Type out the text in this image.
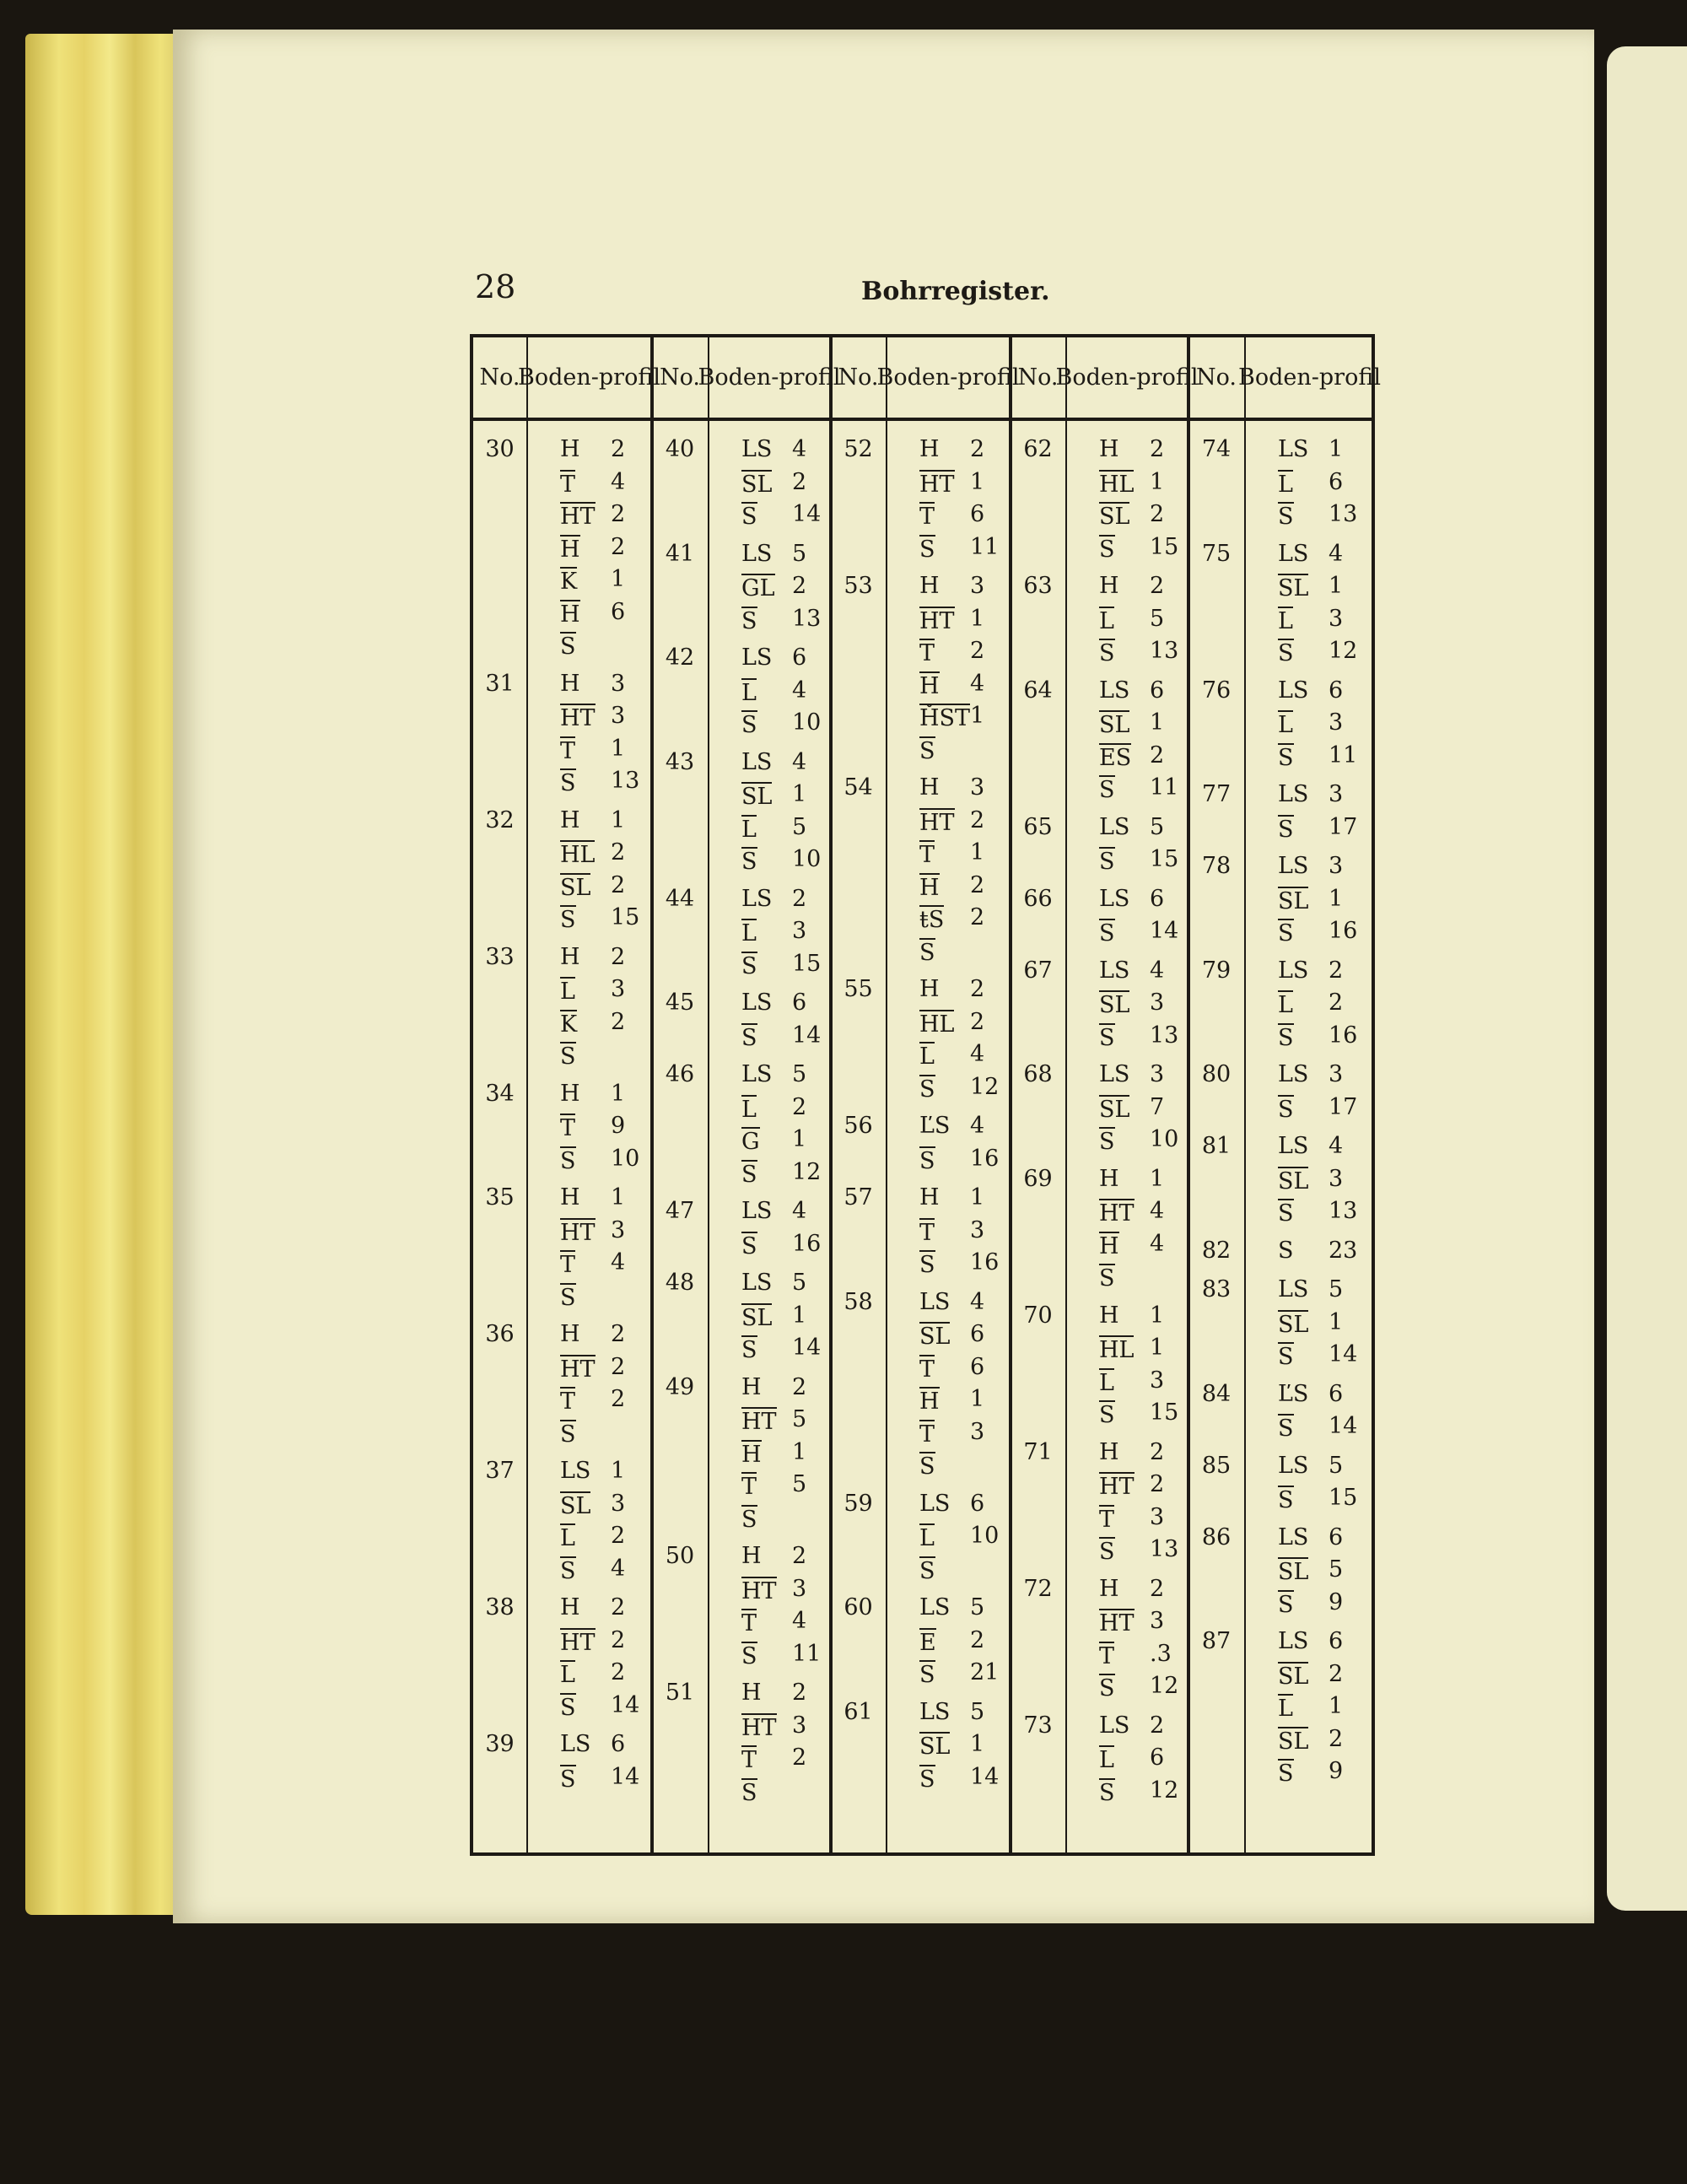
28	Bohrregister.
No.
Boden- profil
30 H 2
T 4
HT 2
H 2
K 1
H 6
S
31 H 3
HT 3
T 1
S 13
32 H 1
HL 2
SL 2
S 15
33 H 2
L 3
K 2
S
34 H 1
T 9
S 10
35 H 1
HT 3
T 4
S
36 H 2
HT 2
T 2
S
37 LS 1
SL 3
L 2
S 4
38 H 2
HT 2
L 2
S 14
39 LS 6
S 14
No.
Boden- profil
40 LS 4
SL 2
S 14
41 LS 5
GL 2
S 13
42 LS 6
L 4
S 10
43 LS 4
SL 1
L 5
S 10
44 LS 2
L 3
S 15
45 LS 6
S 14
46 LS 5
L 2
G 1
S 12
47 LS 4
S 16
48 LS 5
SL 1
S 14
49 H 2
HT 5
H 1
T 5
S
50 H 2
HT 3
T 4
S 11
51 H 2
HT 3
T 2
S
No.
Boden- profil
52 H 2
HT 1
T 6
S 11
53 H 3
HT 1
T 2
H 4
ȞST 1
S
54 H 3
HT 2
T 1
H 2
ŧS 2
S
55 H 2
HL 2
L 4
S 12
56 ĽS 4
S 16
57 H 1
T 3
S 16
58 LS 4
SL 6
T 6
H 1
T 3
S
59 LS 6
L 10
S
60 LS 5
E 2
S 21
61 LS 5
SL 1
S 14
No.
Boden- profil
62 H 2
HL 1
SL 2
S 15
63 H 2
L 5
S 13
64 LS 6
SL 1
ES 2
S 11
65 LS 5
S 15
66 LS 6
S 14
67 LS 4
SL 3
S 13
68 LS 3
SL 7
S 10
69 H 1
HT 4
H 4
S
70 H 1
HL 1
L 3
S 15
71 H 2
HT 2
T 3
S 13
72 H 2
HT 3
T .3
S 12
73 LS 2
L 6
S 12
No. Boden- profil
74 LS 1
L 6
S 13
75 LS 4
SL 1
L 3
S 12
76 LS 6
L 3
S 11
77 LS 3
S 17
78 LS 3
SL 1
S 16
79 LS 2
L 2
S 16
80 LS 3
S 17
81 LS 4
SL 3
S 13
82 S 23
83 LS 5
SL 1
S 14
84 ĽS 6
S 14
85 LS 5
S 15
86 LS 6
SL 5
S 9
87 LS 6
SL 2
L 1
SL 2
S 9
